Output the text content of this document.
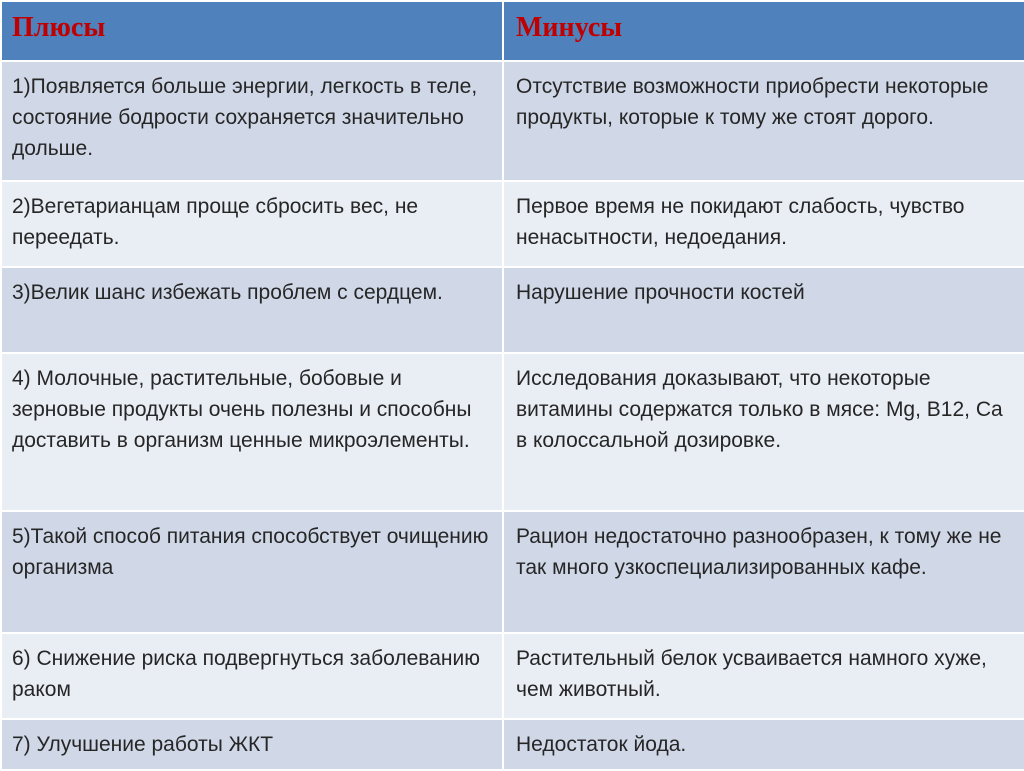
Плюсы	Минусы
1)Появляется больше энергии, легкость в теле, состояние бодрости сохраняется значительно дольше.	Отсутствие возможности приобрести некоторые продукты, которые к тому же стоят дорого.
2)Вегетарианцам проще сбросить вес, не переедать.	Первое время не покидают слабость, чувство ненасытности, недоедания.
3)Велик шанс избежать проблем с сердцем.	Нарушение прочности костей
4) Молочные, растительные, бобовые и зерновые продукты очень полезны и способны доставить в организм ценные микроэлементы.	Исследования доказывают, что некоторые витамины содержатся только в мясе: Mg, B12, Ca в колоссальной дозировке.
5)Такой способ питания способствует очищению организма	Рацион недостаточно разнообразен, к тому же не так много узкоспециализированных кафе.
6) Снижение риска подвергнуться заболеванию раком	Растительный белок усваивается намного хуже, чем животный.
7) Улучшение работы ЖКТ	Недостаток йода.
